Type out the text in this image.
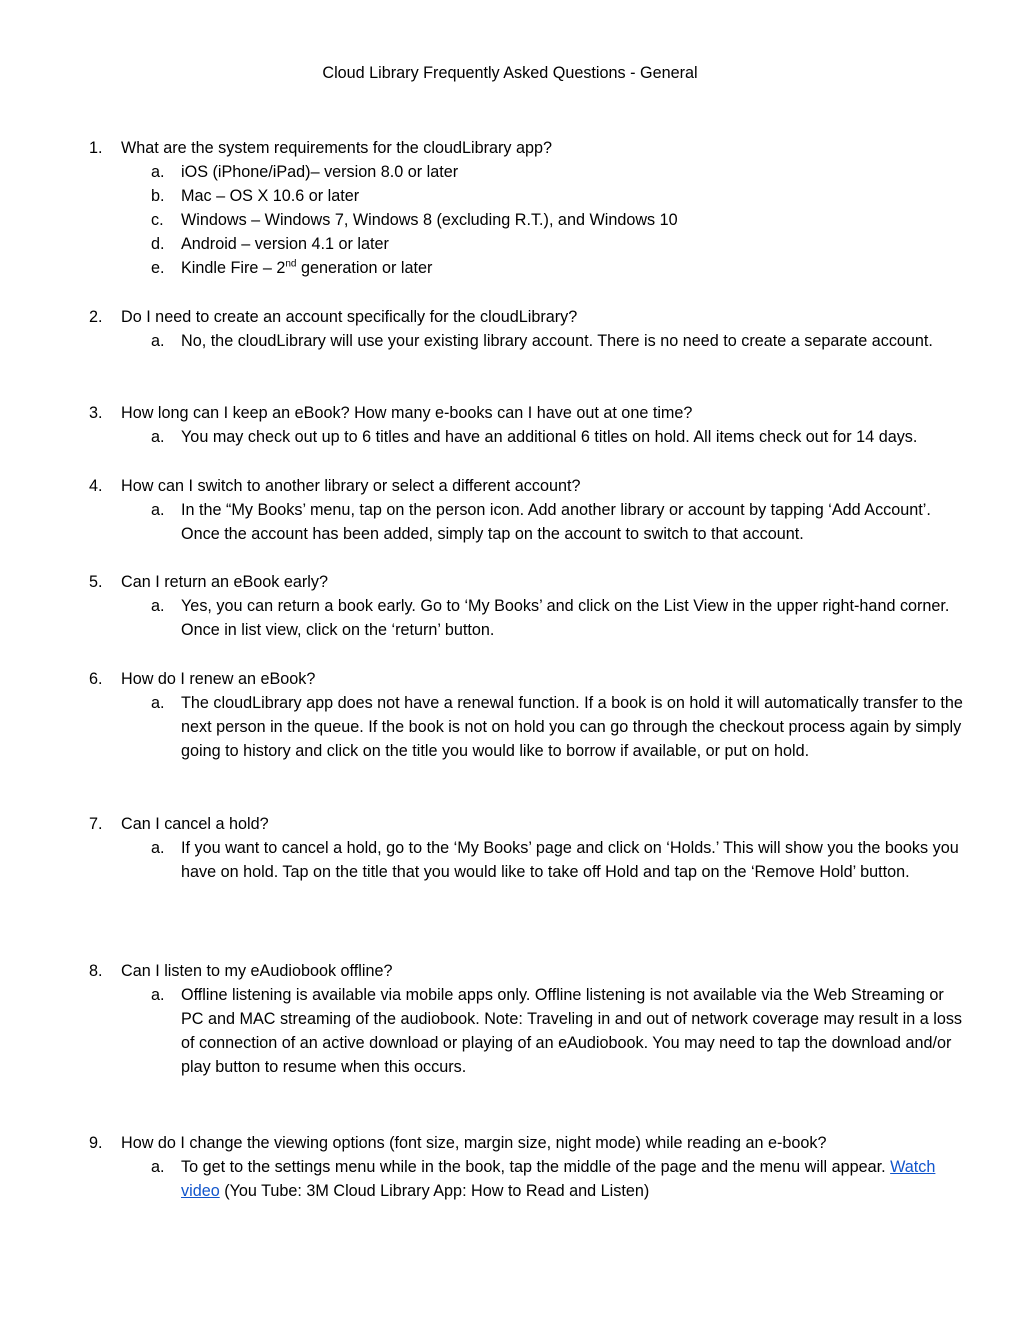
Cloud Library Frequently Asked Questions - General
1. What are the system requirements for the cloudLibrary app?
a. iOS (iPhone/iPad)– version 8.0 or later
b. Mac – OS X 10.6 or later
c. Windows – Windows 7, Windows 8 (excluding R.T.), and Windows 10
d. Android – version 4.1 or later
e. Kindle Fire – 2nd generation or later
2. Do I need to create an account specifically for the cloudLibrary?
a. No, the cloudLibrary will use your existing library account. There is no need to create a separate account.
3. How long can I keep an eBook? How many e-books can I have out at one time?
a. You may check out up to 6 titles and have an additional 6 titles on hold. All items check out for 14 days.
4. How can I switch to another library or select a different account?
a. In the “My Books’ menu, tap on the person icon. Add another library or account by tapping ‘Add Account’. Once the account has been added, simply tap on the account to switch to that account.
5. Can I return an eBook early?
a. Yes, you can return a book early. Go to ‘My Books’ and click on the List View in the upper right-hand corner. Once in list view, click on the ‘return’ button.
6. How do I renew an eBook?
a. The cloudLibrary app does not have a renewal function. If a book is on hold it will automatically transfer to the next person in the queue. If the book is not on hold you can go through the checkout process again by simply going to history and click on the title you would like to borrow if available, or put on hold.
7. Can I cancel a hold?
a. If you want to cancel a hold, go to the ‘My Books’ page and click on ‘Holds.’ This will show you the books you have on hold. Tap on the title that you would like to take off Hold and tap on the ‘Remove Hold’ button.
8. Can I listen to my eAudiobook offline?
a. Offline listening is available via mobile apps only. Offline listening is not available via the Web Streaming or PC and MAC streaming of the audiobook. Note: Traveling in and out of network coverage may result in a loss of connection of an active download or playing of an eAudiobook. You may need to tap the download and/or play button to resume when this occurs.
9. How do I change the viewing options (font size, margin size, night mode) while reading an e-book?
a. To get to the settings menu while in the book, tap the middle of the page and the menu will appear. Watch video (You Tube: 3M Cloud Library App: How to Read and Listen)
